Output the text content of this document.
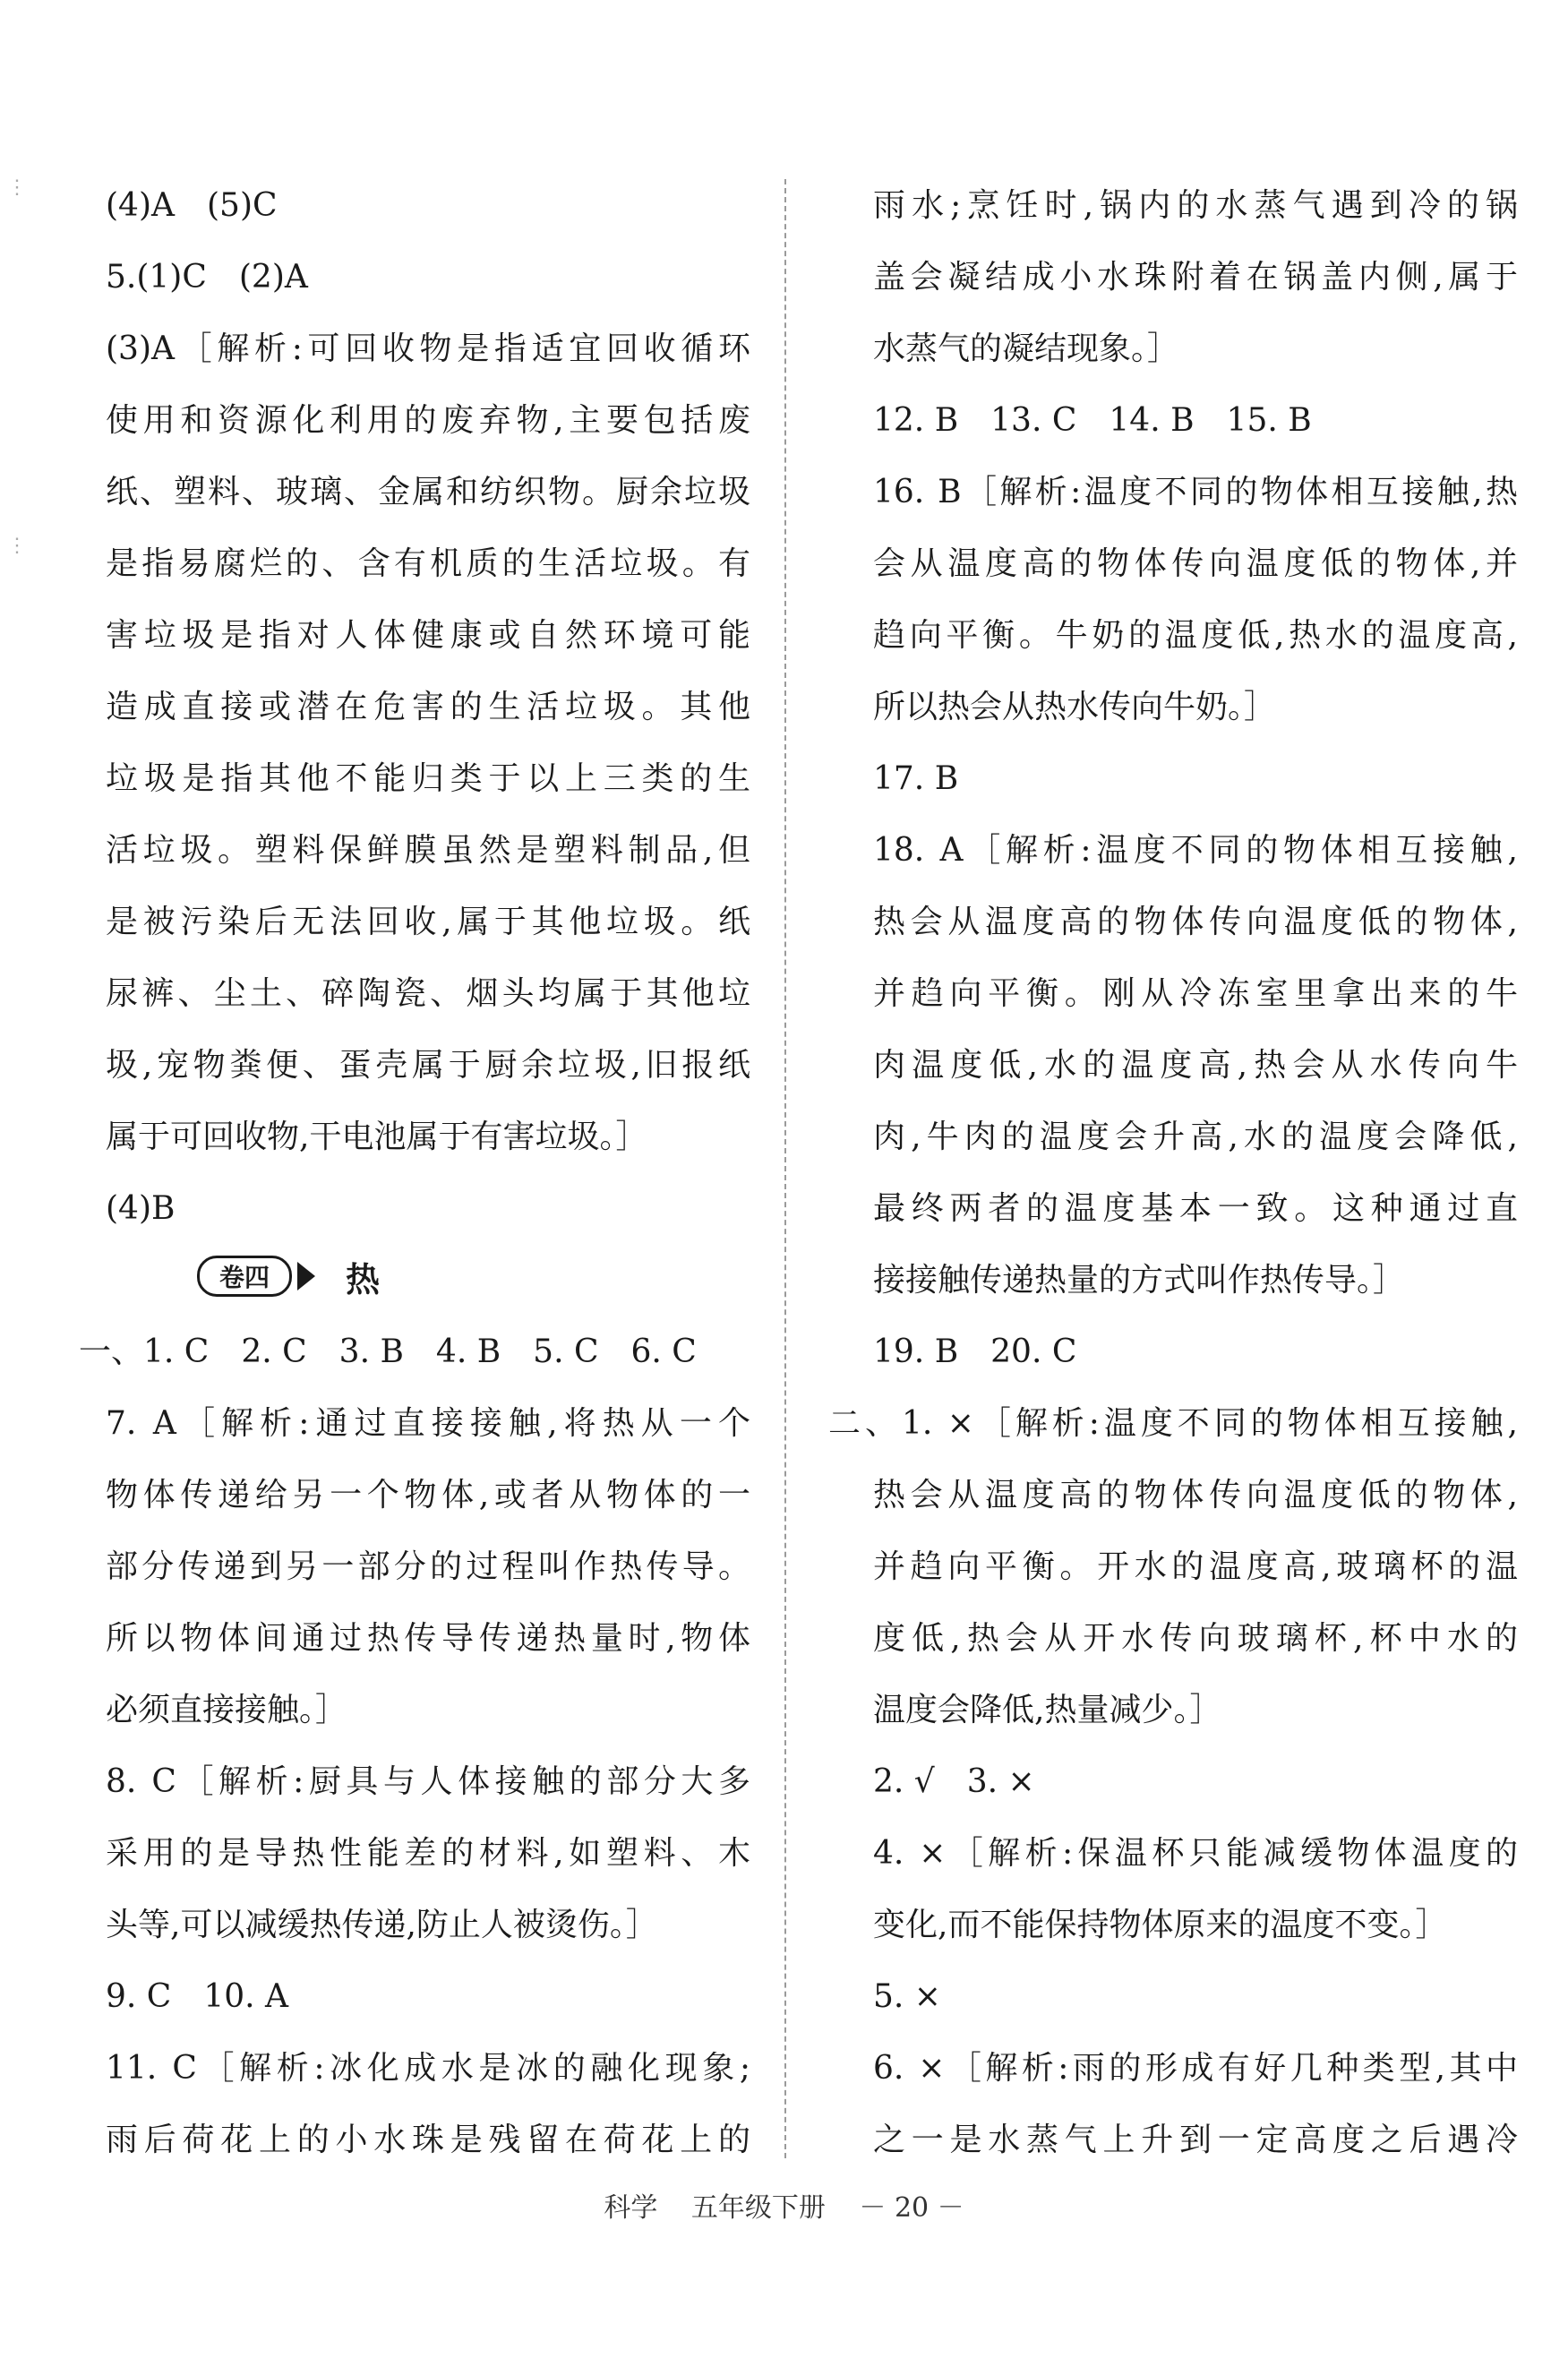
⋮

⋮
(4)A　(5)C
5.(1)C　(2)A
(3)A［解析:可回收物是指适宜回收循环
使用和资源化利用的废弃物,主要包括废
纸、塑料、玻璃、金属和纺织物。厨余垃圾
是指易腐烂的、含有机质的生活垃圾。有
害垃圾是指对人体健康或自然环境可能
造成直接或潜在危害的生活垃圾。其他
垃圾是指其他不能归类于以上三类的生
活垃圾。塑料保鲜膜虽然是塑料制品,但
是被污染后无法回收,属于其他垃圾。纸
尿裤、尘土、碎陶瓷、烟头均属于其他垃
圾,宠物粪便、蛋壳属于厨余垃圾,旧报纸
属于可回收物,干电池属于有害垃圾。］
(4)B
卷四	热
一、1. C　2. C　3. B　4. B　5. C　6. C
7. A［解析:通过直接接触,将热从一个
物体传递给另一个物体,或者从物体的一
部分传递到另一部分的过程叫作热传导。
所以物体间通过热传导传递热量时,物体
必须直接接触。］
8. C［解析:厨具与人体接触的部分大多
采用的是导热性能差的材料,如塑料、木
头等,可以减缓热传递,防止人被烫伤。］
9. C　10. A
11. C［解析:冰化成水是冰的融化现象;
雨后荷花上的小水珠是残留在荷花上的
雨水;烹饪时,锅内的水蒸气遇到冷的锅
盖会凝结成小水珠附着在锅盖内侧,属于
水蒸气的凝结现象。］
12. B　13. C　14. B　15. B
16. B［解析:温度不同的物体相互接触,热
会从温度高的物体传向温度低的物体,并
趋向平衡。牛奶的温度低,热水的温度高,
所以热会从热水传向牛奶。］
17. B
18. A［解析:温度不同的物体相互接触,
热会从温度高的物体传向温度低的物体,
并趋向平衡。刚从冷冻室里拿出来的牛
肉温度低,水的温度高,热会从水传向牛
肉,牛肉的温度会升高,水的温度会降低,
最终两者的温度基本一致。这种通过直
接接触传递热量的方式叫作热传导。］
19. B　20. C
二、1. ×［解析:温度不同的物体相互接触,
热会从温度高的物体传向温度低的物体,
并趋向平衡。开水的温度高,玻璃杯的温
度低,热会从开水传向玻璃杯,杯中水的
温度会降低,热量减少。］
2. √　3. ×
4. ×［解析:保温杯只能减缓物体温度的
变化,而不能保持物体原来的温度不变。］
5. ×
6. ×［解析:雨的形成有好几种类型,其中
之一是水蒸气上升到一定高度之后遇冷
科学 五年级下册 － 20 －
